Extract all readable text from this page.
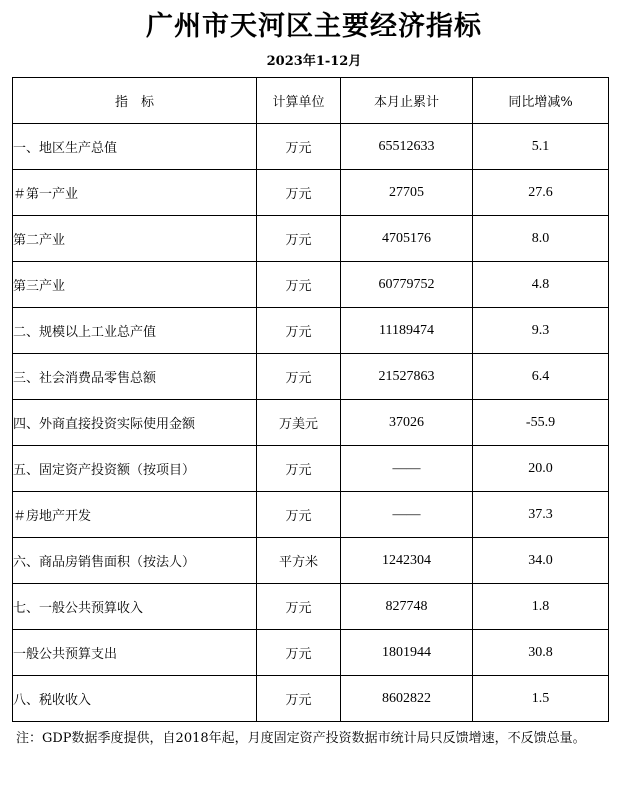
广州市天河区主要经济指标
2023年1-12月
指　标	计算单位	本月止累计	同比增减%
一、地区生产总值	万元	65512633	5.1
＃第一产业	万元	27705	27.6
第二产业	万元	4705176	8.0
第三产业	万元	60779752	4.8
二、规模以上工业总产值	万元	11189474	9.3
三、社会消费品零售总额	万元	21527863	6.4
四、外商直接投资实际使用金额	万美元	37026	-55.9
五、固定资产投资额（按项目）	万元	——	20.0
＃房地产开发	万元	——	37.3
六、商品房销售面积（按法人）	平方米	1242304	34.0
七、一般公共预算收入	万元	827748	1.8
一般公共预算支出	万元	1801944	30.8
八、税收收入	万元	8602822	1.5
注：GDP数据季度提供，自2018年起，月度固定资产投资数据市统计局只反馈增速，不反馈总量。
